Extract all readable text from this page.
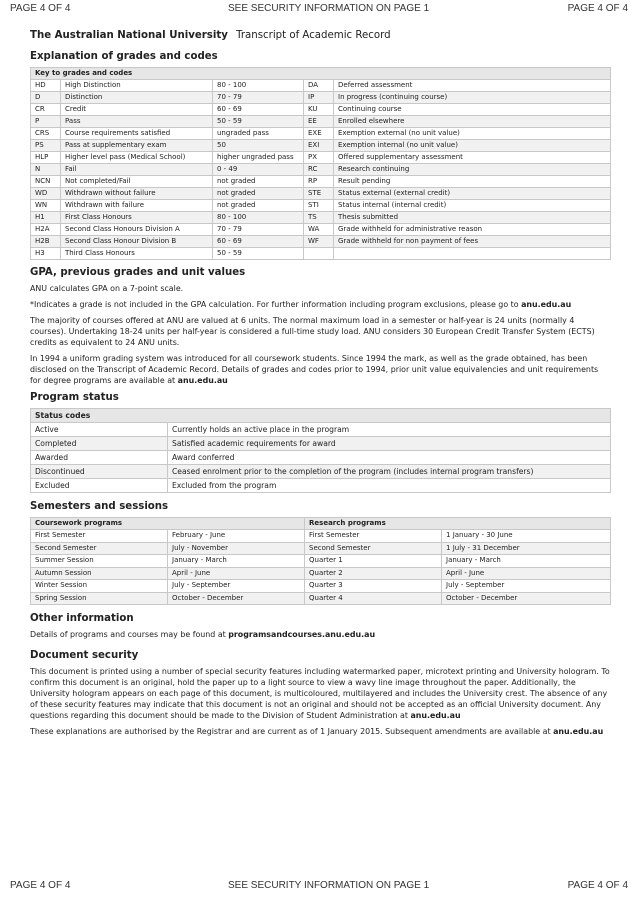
PAGE 4 OF 4	SEE SECURITY INFORMATION ON PAGE 1	PAGE 4 OF 4
The Australian National University Transcript of Academic Record
Explanation of grades and codes
Key to grades and codes				
HD	High Distinction	80 - 100	DA	Deferred assessment
D	Distinction	70 - 79	IP	In progress (continuing course)
CR	Credit	60 - 69	KU	Continuing course
P	Pass	50 - 59	EE	Enrolled elsewhere
CRS	Course requirements satisfied	ungraded pass	EXE	Exemption external (no unit value)
PS	Pass at supplementary exam	50	EXI	Exemption internal (no unit value)
HLP	Higher level pass (Medical School)	higher ungraded pass	PX	Offered supplementary assessment
N	Fail	0 - 49	RC	Research continuing
NCN	Not completed/Fail	not graded	RP	Result pending
WD	Withdrawn without failure	not graded	STE	Status external (external credit)
WN	Withdrawn with failure	not graded	STI	Status internal (internal credit)
H1	First Class Honours	80 - 100	TS	Thesis submitted
H2A	Second Class Honours Division A	70 - 79	WA	Grade withheld for administrative reason
H2B	Second Class Honour Division B	60 - 69	WF	Grade withheld for non payment of fees
H3	Third Class Honours	50 - 59		
GPA, previous grades and unit values

ANU calculates GPA on a 7-point scale.

*Indicates a grade is not included in the GPA calculation. For further information including program exclusions, please go to anu.edu.au

The majority of courses offered at ANU are valued at 6 units. The normal maximum load in a semester or half-year is 24 units (normally 4 courses). Undertaking 18-24 units per half-year is considered a full-time study load. ANU considers 30 European Credit Transfer System (ECTS) credits as equivalent to 24 ANU units.

In 1994 a uniform grading system was introduced for all coursework students. Since 1994 the mark, as well as the grade obtained, has been disclosed on the Transcript of Academic Record. Details of grades and codes prior to 1994, prior unit value equivalencies and unit requirements for degree programs are available at anu.edu.au

Program status
Status codes	
Active	Currently holds an active place in the program
Completed	Satisfied academic requirements for award
Awarded	Award conferred
Discontinued	Ceased enrolment prior to the completion of the program (includes internal program transfers)
Excluded	Excluded from the program
Semesters and sessions
Coursework programs		Research programs	
First Semester	February - June	First Semester	1 January - 30 June
Second Semester	July - November	Second Semester	1 July - 31 December
Summer Session	January - March	Quarter 1	January - March
Autumn Session	April - June	Quarter 2	April - June
Winter Session	July - September	Quarter 3	July - September
Spring Session	October - December	Quarter 4	October - December
Other information

Details of programs and courses may be found at programsandcourses.anu.edu.au

Document security

This document is printed using a number of special security features including watermarked paper, microtext printing and University hologram. To confirm this document is an original, hold the paper up to a light source to view a wavy line image throughout the paper. Additionally, the University hologram appears on each page of this document, is multicoloured, multilayered and includes the University crest. The absence of any of these security features may indicate that this document is not an original and should not be accepted as an official University document. Any questions regarding this document should be made to the Division of Student Administration at anu.edu.au

These explanations are authorised by the Registrar and are current as of 1 January 2015. Subsequent amendments are available at anu.edu.au

PAGE 4 OF 4	SEE SECURITY INFORMATION ON PAGE 1	PAGE 4 OF 4
